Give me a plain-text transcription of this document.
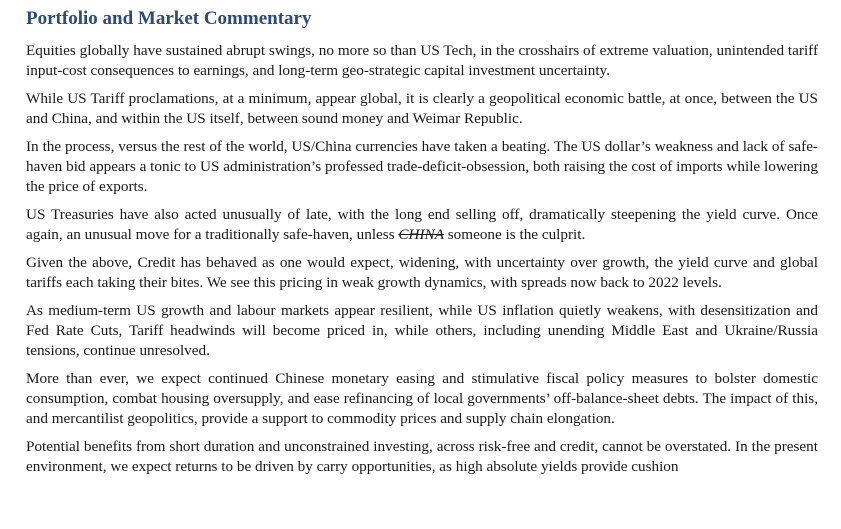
Portfolio and Market Commentary

Equities globally have sustained abrupt swings, no more so than US Tech, in the crosshairs of extreme valuation, unintended tariff input-cost consequences to earnings, and long-term geo-strategic capital investment uncertainty.

While US Tariff proclamations, at a minimum, appear global, it is clearly a geopolitical economic battle, at once, between the US and China, and within the US itself, between sound money and Weimar Republic.

In the process, versus the rest of the world, US/China currencies have taken a beating. The US dollar’s weakness and lack of safe-haven bid appears a tonic to US administration’s professed trade-deficit-obsession, both raising the cost of imports while lowering the price of exports.

US Treasuries have also acted unusually of late, with the long end selling off, dramatically steepening the yield curve. Once again, an unusual move for a traditionally safe-haven, unless CHINA someone is the culprit.

Given the above, Credit has behaved as one would expect, widening, with uncertainty over growth, the yield curve and global tariffs each taking their bites. We see this pricing in weak growth dynamics, with spreads now back to 2022 levels.

As medium-term US growth and labour markets appear resilient, while US inflation quietly weakens, with desensitization and Fed Rate Cuts, Tariff headwinds will become priced in, while others, including unending Middle East and Ukraine/Russia tensions, continue unresolved.

More than ever, we expect continued Chinese monetary easing and stimulative fiscal policy measures to bolster domestic consumption, combat housing oversupply, and ease refinancing of local governments’ off-balance-sheet debts. The impact of this, and mercantilist geopolitics, provide a support to commodity prices and supply chain elongation.

Potential benefits from short duration and unconstrained investing, across risk-free and credit, cannot be overstated. In the present environment, we expect returns to be driven by carry opportunities, as high absolute yields provide cushion
